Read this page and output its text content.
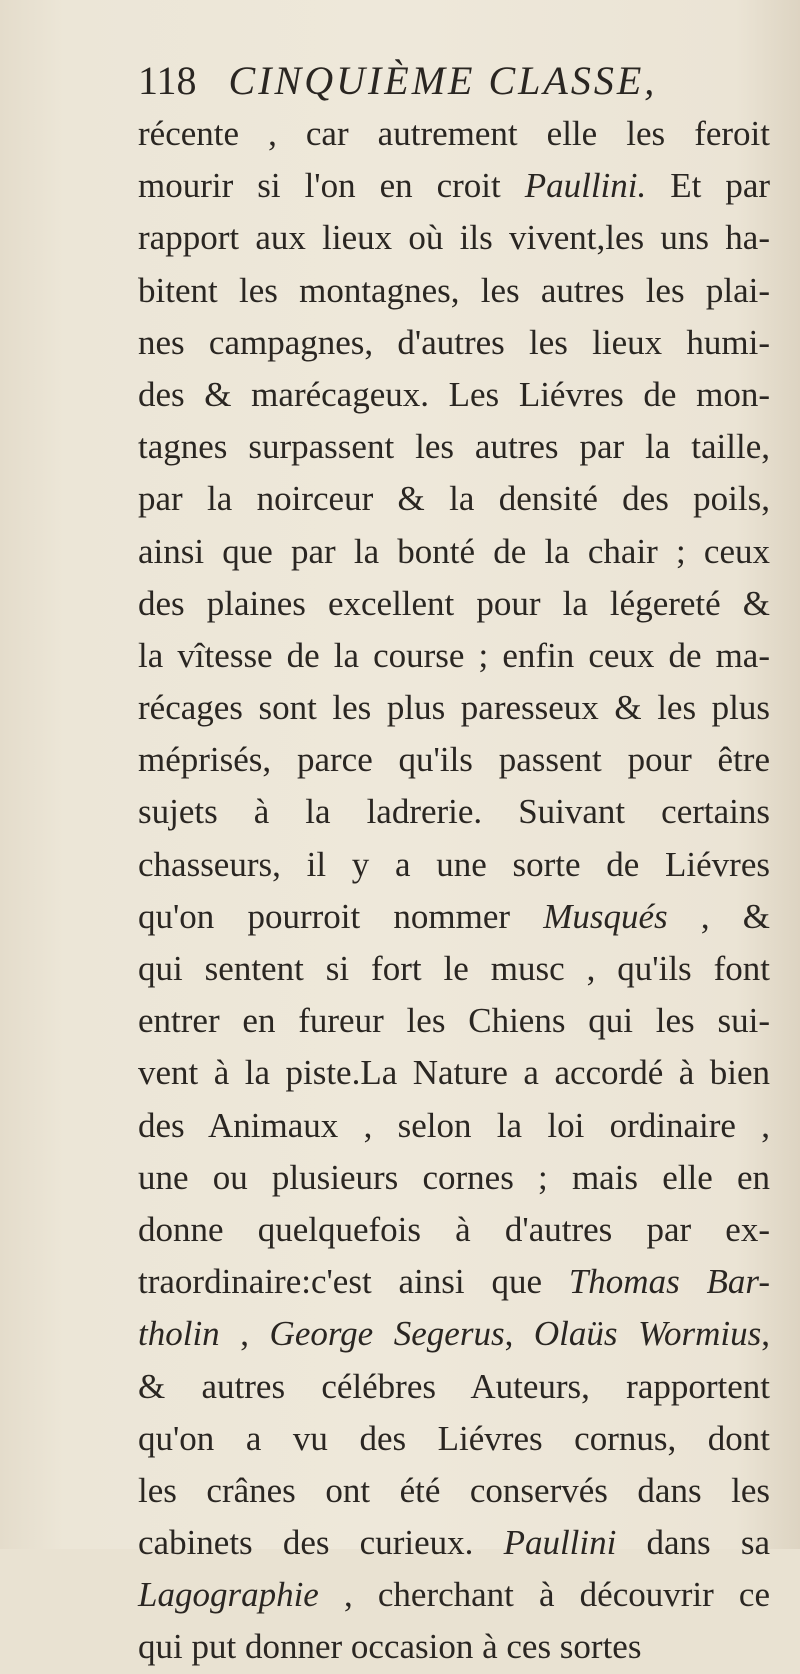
118 CINQUIÈME CLASSE,
récente , car autrement elle les feroit
mourir si l'on en croit Paullini. Et par
rapport aux lieux où ils vivent,les uns ha-
bitent les montagnes, les autres les plai-
nes campagnes, d'autres les lieux humi-
des & marécageux. Les Liévres de mon-
tagnes surpassent les autres par la taille,
par la noirceur & la densité des poils,
ainsi que par la bonté de la chair ; ceux
des plaines excellent pour la légereté &
la vîtesse de la course ; enfin ceux de ma-
récages sont les plus paresseux & les plus
méprisés, parce qu'ils passent pour être
sujets à la ladrerie. Suivant certains
chasseurs, il y a une sorte de Liévres
qu'on pourroit nommer Musqués , &
qui sentent si fort le musc , qu'ils font
entrer en fureur les Chiens qui les sui-
vent à la piste.La Nature a accordé à bien
des Animaux , selon la loi ordinaire ,
une ou plusieurs cornes ; mais elle en
donne quelquefois à d'autres par ex-
traordinaire:c'est ainsi que Thomas Bar-
tholin , George Segerus, Olaüs Wormius,
& autres célébres Auteurs, rapportent
qu'on a vu des Liévres cornus, dont
les crânes ont été conservés dans les
cabinets des curieux. Paullini dans sa
Lagographie , cherchant à découvrir ce
qui put donner occasion à ces sortes
